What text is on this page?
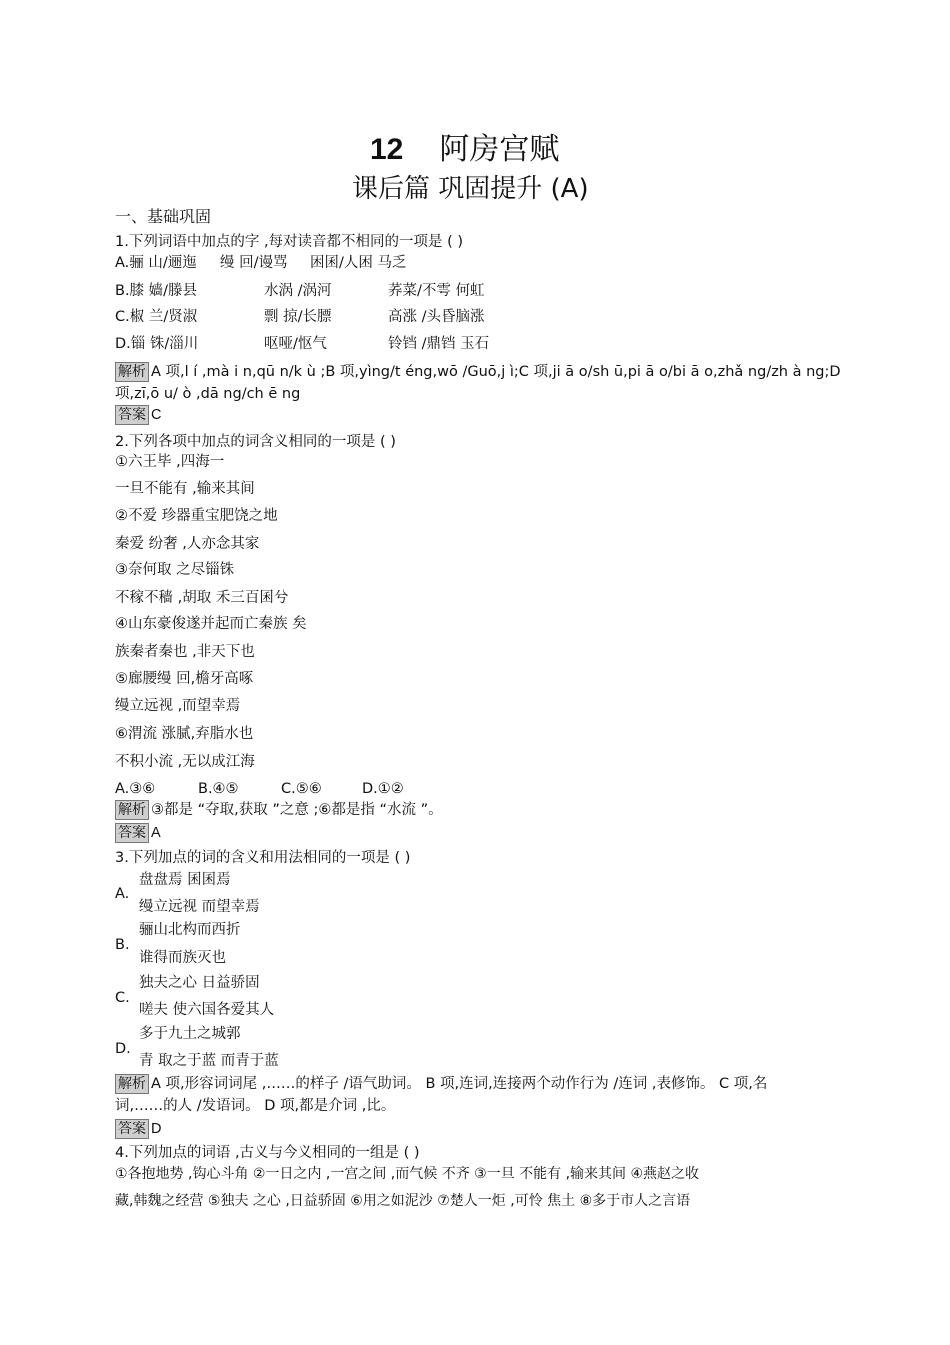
12 阿房宫赋
课后篇 巩固提升 (A)
一、基础巩固
1.下列词语中加点的字 ,每对读音都不相同的一项是 ( )
A.骊 山/逦迤 缦 回/谩骂 困囷/人困 马乏
B.膝 嫱/滕县	水涡 /涡河	荞菜/不雩 何虹
C.椒 兰/贤淑	剽 掠/长膘	高涨 /头昏脑涨
D.锱 铢/淄川	呕哑/怄气	铃铛 /鼎铛 玉石
解析 A 项,l í ,mà i n,qū n/k ù ;B 项,yìng/t éng,wō /Guō,j ì;C 项,ji ā o/sh ū,pi ā o/bi ā o,zhǎ ng/zh à ng;D
项,zī,ō u/ ò ,dā ng/ch ē ng
答案 C
2.下列各项中加点的词含义相同的一项是 ( )
①六王毕 ,四海一
一旦不能有 ,输来其间
②不爱 珍器重宝肥饶之地
秦爱 纷奢 ,人亦念其家
③奈何取 之尽锱铢
不稼不穑 ,胡取 禾三百囷兮
④山东豪俊遂并起而亡秦族 矣
族秦者秦也 ,非天下也
⑤廊腰缦 回,檐牙高啄
缦立远视 ,而望幸焉
⑥渭流 涨腻,弃脂水也
不积小流 ,无以成江海
A.③⑥	B.④⑤	C.⑤⑥	D.①②
解析 ③都是 “夺取,获取 ”之意 ;⑥都是指 “水流 ”。
答案 A
3.下列加点的词的含义和用法相同的一项是 ( )
A.
盘盘焉 囷囷焉
缦立远视 而望幸焉
B.
骊山北构而西折
谁得而族灭也
C.
独夫之心 日益骄固
嗟夫 使六国各爱其人
D.
多于九土之城郭
青 取之于蓝 而青于蓝
解析 A 项,形容词词尾 ,……的样子 /语气助词。 B 项,连词,连接两个动作行为 /连词 ,表修饰。 C 项,名
词,……的人 /发语词。 D 项,都是介词 ,比。
答案 D
4.下列加点的词语 ,古义与今义相同的一组是 ( )
①各抱地势 ,钩心斗角 ②一日之内 ,一宫之间 ,而气候 不齐 ③一旦 不能有 ,输来其间 ④燕赵之收
藏,韩魏之经营 ⑤独夫 之心 ,日益骄固 ⑥用之如泥沙 ⑦楚人一炬 ,可怜 焦土 ⑧多于市人之言语
